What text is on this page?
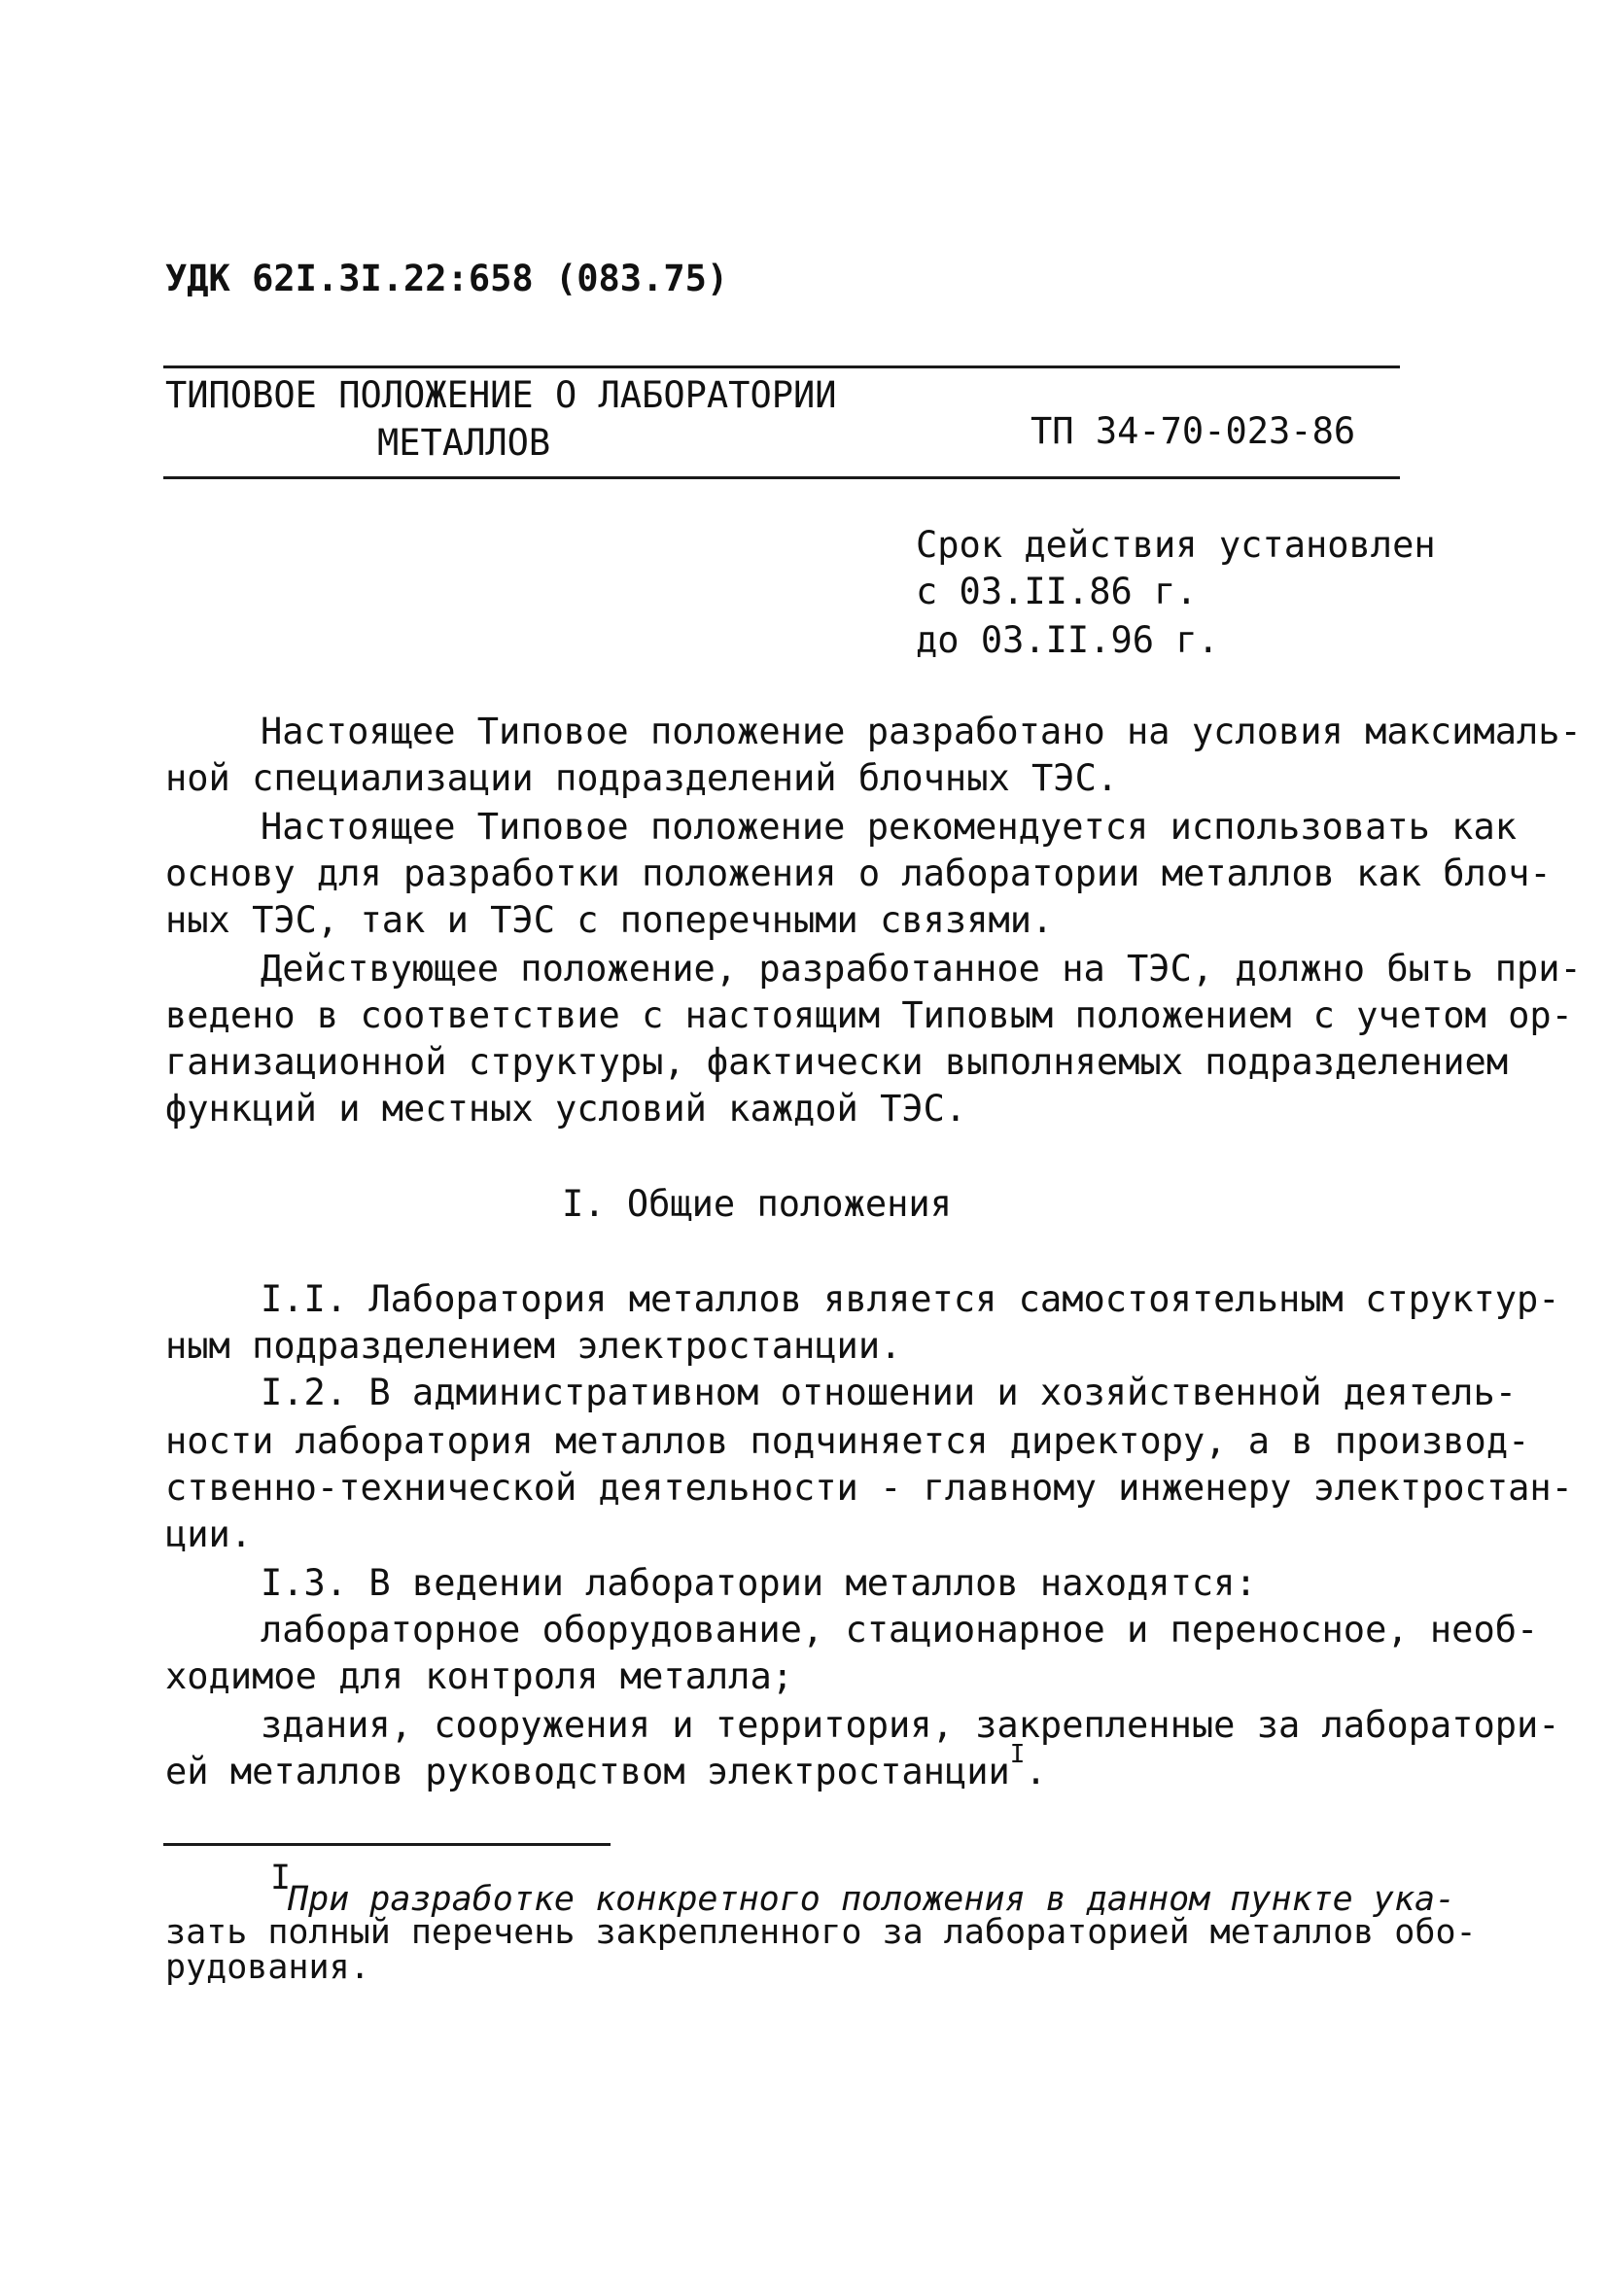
УДК 62I.3I.22:658 (083.75)
ТИПОВОЕ ПОЛОЖЕНИЕ О ЛАБОРАТОРИИ
МЕТАЛЛОВ	ТП 34-70-023-86
Срок действия установлен
с 03.II.86 г.
до 03.II.96 г.
Настоящее Типовое положение разработано на условия максималь-
ной специализации подразделений блочных ТЭС.
Настоящее Типовое положение рекомендуется использовать как
основу для разработки положения о лаборатории металлов как блоч-
ных ТЭС, так и ТЭС с поперечными связями.
Действующее положение, разработанное на ТЭС, должно быть при-
ведено в соответствие с настоящим Типовым положением с учетом ор-
ганизационной структуры, фактически выполняемых подразделением
функций и местных условий каждой ТЭС.
I. Общие положения
I.I. Лаборатория металлов является самостоятельным структур-
ным подразделением электростанции.
I.2. В административном отношении и хозяйственной деятель-
ности лаборатория металлов подчиняется директору, а в производ-
ственно-технической деятельности - главному инженеру электростан-
ции.
I.3. В ведении лаборатории металлов находятся:
лабораторное оборудование, стационарное и переносное, необ-
ходимое для контроля металла;
здания, сооружения и территория, закрепленные за лаборатори-
ей металлов руководством электростанции$^I$.
I
При разработке конкретного положения в данном пункте ука-
зать полный перечень закрепленного за лабораторией металлов обо-
рудования.
